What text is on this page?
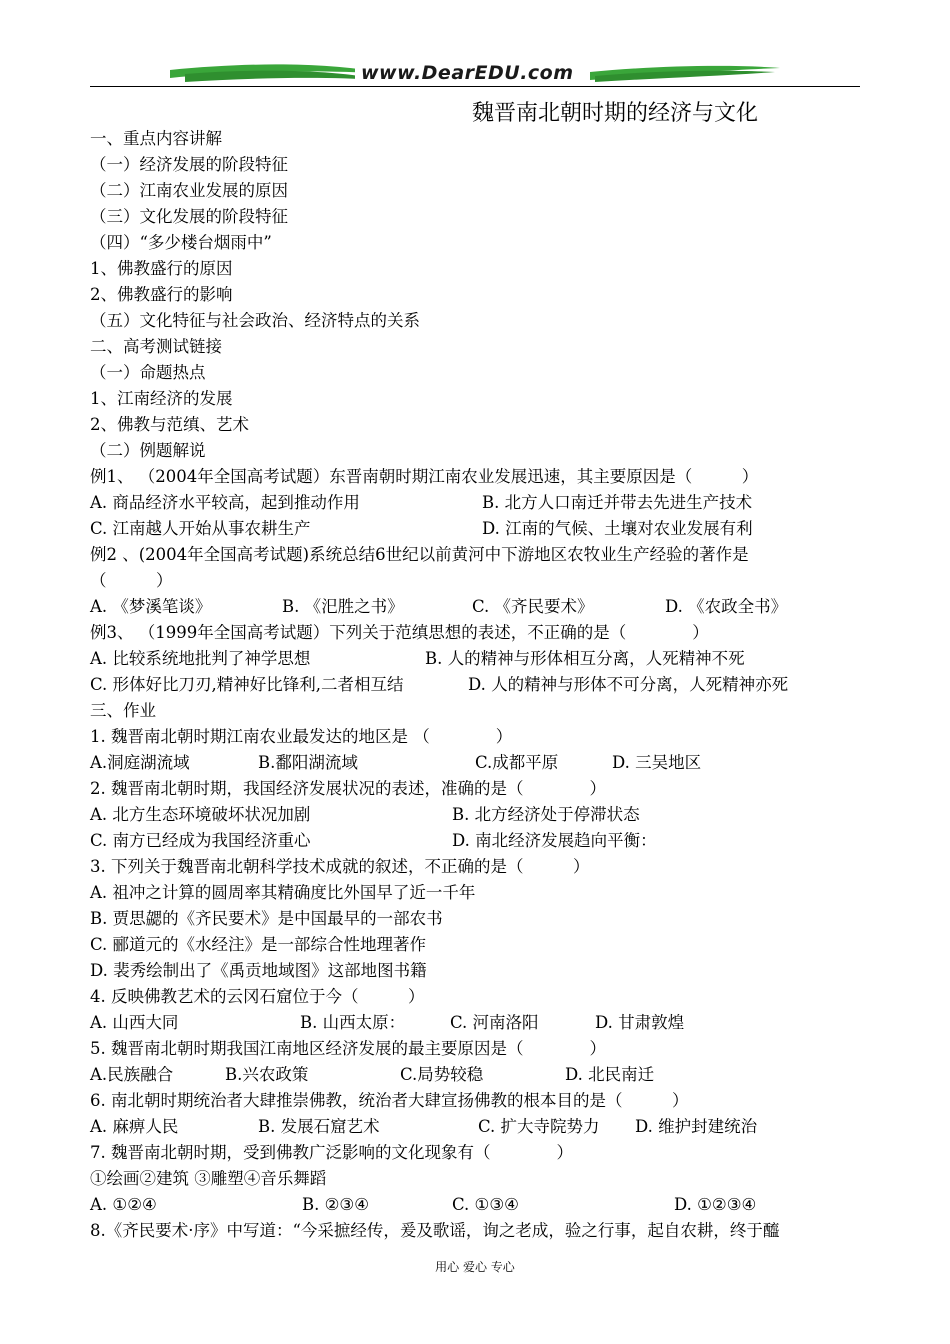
www.DearEDU.com
魏晋南北朝时期的经济与文化
一、重点内容讲解
（一）经济发展的阶段特征
（二）江南农业发展的原因
（三）文化发展的阶段特征
（四）“多少楼台烟雨中”
1、佛教盛行的原因
2、佛教盛行的影响
（五）文化特征与社会政治、经济特点的关系
二、高考测试链接
（一）命题热点
1、江南经济的发展
2、佛教与范缜、艺术
（二）例题解说
例1、 （2004年全国高考试题）东晋南朝时期江南农业发展迅速，其主要原因是（　　　）
A. 商品经济水平较高，起到推动作用	B. 北方人口南迁并带去先进生产技术
C. 江南越人开始从事农耕生产	D. 江南的气候、土壤对农业发展有利
例2 、(2004年全国高考试题)系统总结6世纪以前黄河中下游地区农牧业生产经验的著作是
（　　　）
A. 《梦溪笔谈》	B. 《汜胜之书》	C. 《齐民要术》	D. 《农政全书》
例3、 （1999年全国高考试题）下列关于范缜思想的表述，不正确的是（　　　　）
A. 比较系统地批判了神学思想	B. 人的精神与形体相互分离，人死精神不死
C. 形体好比刀刃,精神好比锋利,二者相互结	D. 人的精神与形体不可分离，人死精神亦死
三、作业
1. 魏晋南北朝时期江南农业最发达的地区是 （　　　　）
A.洞庭湖流域	B.鄱阳湖流域	C.成都平原	D. 三吴地区
2. 魏晋南北朝时期，我国经济发展状况的表述，准确的是（　　　　）
A. 北方生态环境破坏状况加剧	B. 北方经济处于停滞状态
C. 南方已经成为我国经济重心	D. 南北经济发展趋向平衡：
3. 下列关于魏晋南北朝科学技术成就的叙述，不正确的是（　　　）
A. 祖冲之计算的圆周率其精确度比外国早了近一千年
B. 贾思勰的《齐民要术》是中国最早的一部农书
C. 郦道元的《水经注》是一部综合性地理著作
D. 裴秀绘制出了《禹贡地域图》这部地图书籍
4. 反映佛教艺术的云冈石窟位于今（　　　）
A. 山西大同	B. 山西太原：	C. 河南洛阳	D. 甘肃敦煌
5. 魏晋南北朝时期我国江南地区经济发展的最主要原因是（　　　　）
A.民族融合	B.兴农政策	C.局势较稳	D. 北民南迁
6. 南北朝时期统治者大肆推崇佛教，统治者大肆宣扬佛教的根本目的是（　　　）
A. 麻痹人民	B. 发展石窟艺术	C. 扩大寺院势力 D. 维护封建统治
7. 魏晋南北朝时期，受到佛教广泛影响的文化现象有（　　　　）
①绘画②建筑 ③雕塑④音乐舞蹈
A. ①②④	B. ②③④	C. ①③④	D. ①②③④
8.《齐民要术·序》中写道：“今采摭经传，爰及歌谣，询之老成，验之行事，起自农耕，终于醯
用心 爱心 专心
